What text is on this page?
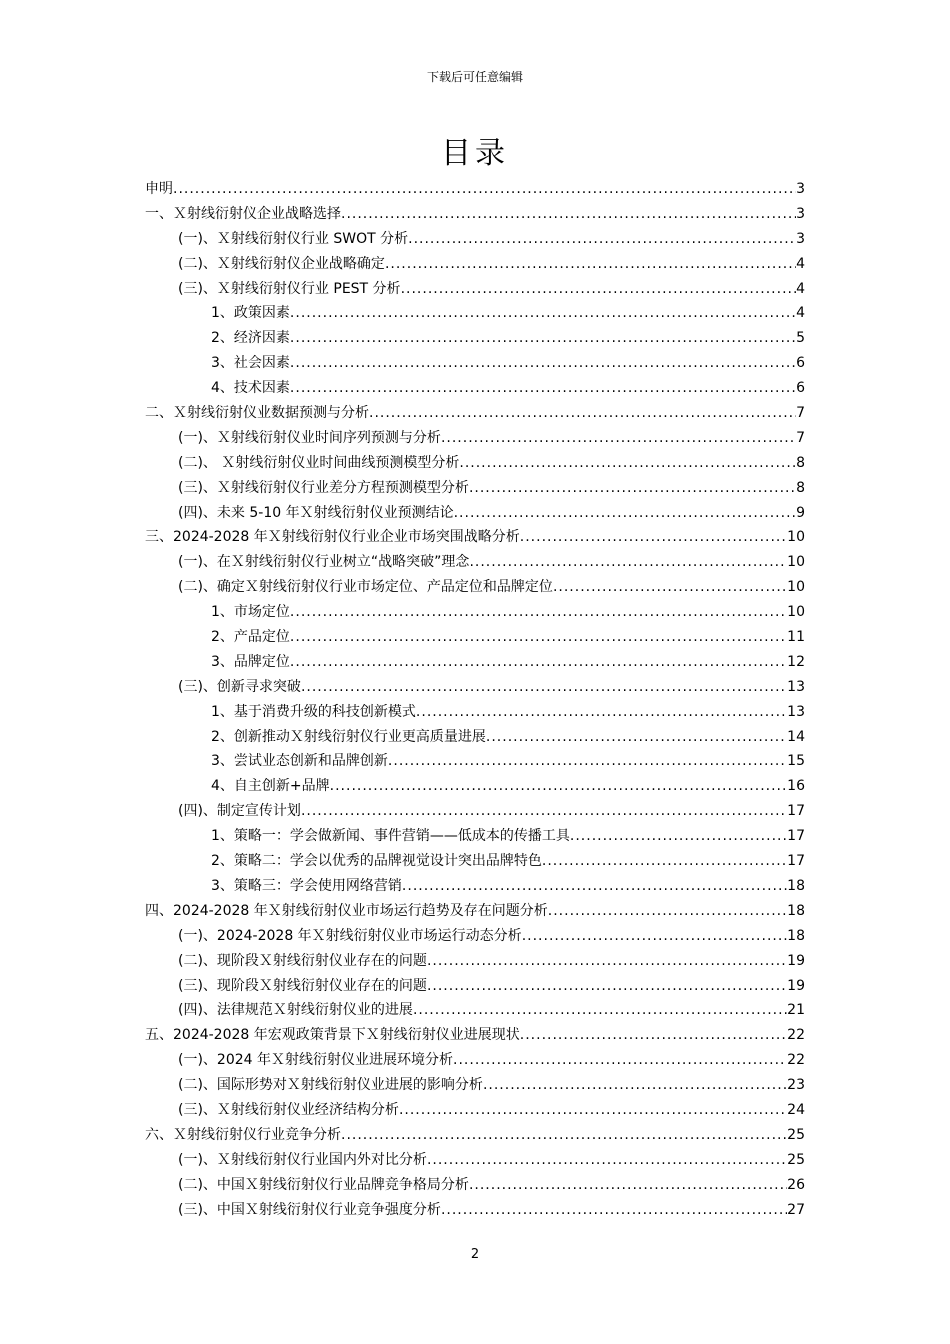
下载后可任意编辑
目录
申明 .....	3
一、Ｘ射线衍射仪企业战略选择 .....	3
(一)、Ｘ射线衍射仪行业 SWOT 分析 .....	3
(二)、Ｘ射线衍射仪企业战略确定 .....	4
(三)、Ｘ射线衍射仪行业 PEST 分析 .....	4
1、政策因素 .....	4
2、经济因素 .....	5
3、社会因素 .....	6
4、技术因素 .....	6
二、Ｘ射线衍射仪业数据预测与分析 .....	7
(一)、Ｘ射线衍射仪业时间序列预测与分析 .....	7
(二)、 Ｘ射线衍射仪业时间曲线预测模型分析 .....	8
(三)、Ｘ射线衍射仪行业差分方程预测模型分析 .....	8
(四)、未来 5-10 年Ｘ射线衍射仪业预测结论 .....	9
三、2024-2028 年Ｘ射线衍射仪行业企业市场突围战略分析 .....	10
(一)、在Ｘ射线衍射仪行业树立“战略突破”理念 .....	10
(二)、确定Ｘ射线衍射仪行业市场定位、产品定位和品牌定位 .....	10
1、市场定位 .....	10
2、产品定位 .....	11
3、品牌定位 .....	12
(三)、创新寻求突破 .....	13
1、基于消费升级的科技创新模式 .....	13
2、创新推动Ｘ射线衍射仪行业更高质量进展 .....	14
3、尝试业态创新和品牌创新 .....	15
4、自主创新+品牌 .....	16
(四)、制定宣传计划 .....	17
1、策略一：学会做新闻、事件营销——低成本的传播工具 .....	17
2、策略二：学会以优秀的品牌视觉设计突出品牌特色 .....	17
3、策略三：学会使用网络营销 .....	18
四、2024-2028 年Ｘ射线衍射仪业市场运行趋势及存在问题分析 .....	18
(一)、2024-2028 年Ｘ射线衍射仪业市场运行动态分析 .....	18
(二)、现阶段Ｘ射线衍射仪业存在的问题 .....	19
(三)、现阶段Ｘ射线衍射仪业存在的问题 .....	19
(四)、法律规范Ｘ射线衍射仪业的进展 .....	21
五、2024-2028 年宏观政策背景下Ｘ射线衍射仪业进展现状 .....	22
(一)、2024 年Ｘ射线衍射仪业进展环境分析 .....	22
(二)、国际形势对Ｘ射线衍射仪业进展的影响分析 .....	23
(三)、Ｘ射线衍射仪业经济结构分析 .....	24
六、Ｘ射线衍射仪行业竞争分析 .....	25
(一)、Ｘ射线衍射仪行业国内外对比分析 .....	25
(二)、中国Ｘ射线衍射仪行业品牌竞争格局分析 .....	26
(三)、中国Ｘ射线衍射仪行业竞争强度分析 .....	27
2
